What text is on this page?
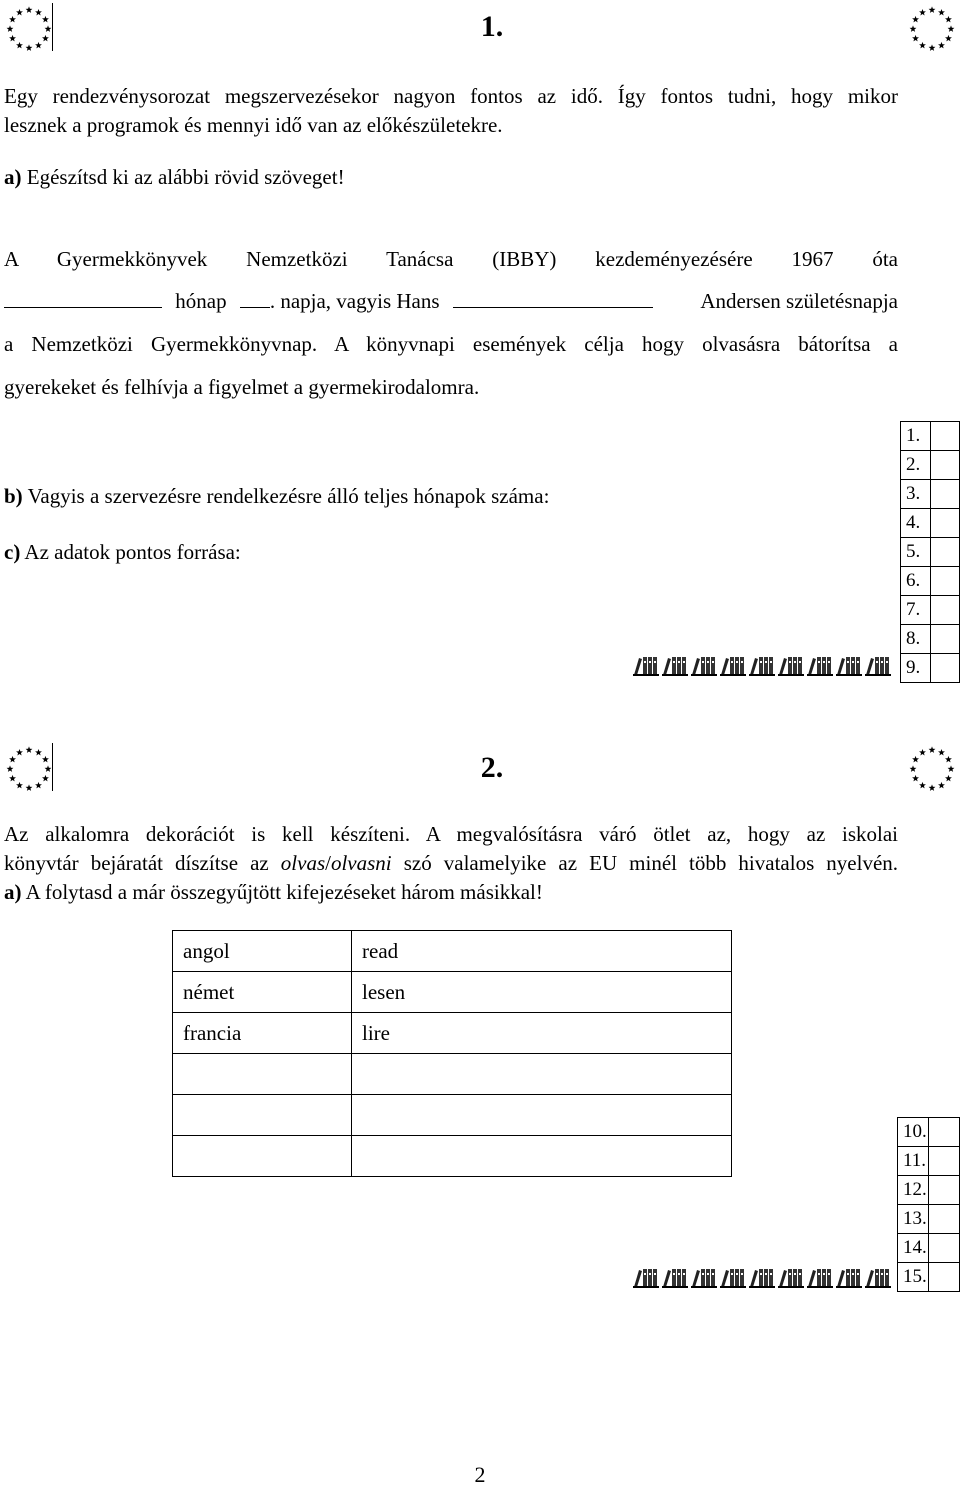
1.
Egy rendezvénysorozat megszervezésekor nagyon fontos az idő. Így fontos tudni, hogy mikor
lesznek a programok és mennyi idő van az előkészületekre.
a) Egészítsd ki az alábbi rövid szöveget!
A Gyermekkönyvek Nemzetközi Tanácsa (IBBY) kezdeményezésére 1967 óta
hónap . napja, vagyis Hans	Andersen születésnapja
a Nemzetközi Gyermekkönyvnap. A könyvnapi események célja hogy olvasásra bátorítsa a
gyerekeket és felhívja a figyelmet a gyermekirodalomra.
b) Vagyis a szervezésre rendelkezésre álló teljes hónapok száma:
c) Az adatok pontos forrása:
1.	
2.	
3.	
4.	
5.	
6.	
7.	
8.	
9.	
2.
Az alkalomra dekorációt is kell készíteni. A megvalósításra váró ötlet az, hogy az iskolai
könyvtár bejáratát díszítse az olvas/olvasni szó valamelyike az EU minél több hivatalos nyelvén.
a) A folytasd a már összegyűjtött kifejezéseket három másikkal!
angol	read
német	lesen
francia	lire

10.	
11.	
12.	
13.	
14.	
15.	
2
